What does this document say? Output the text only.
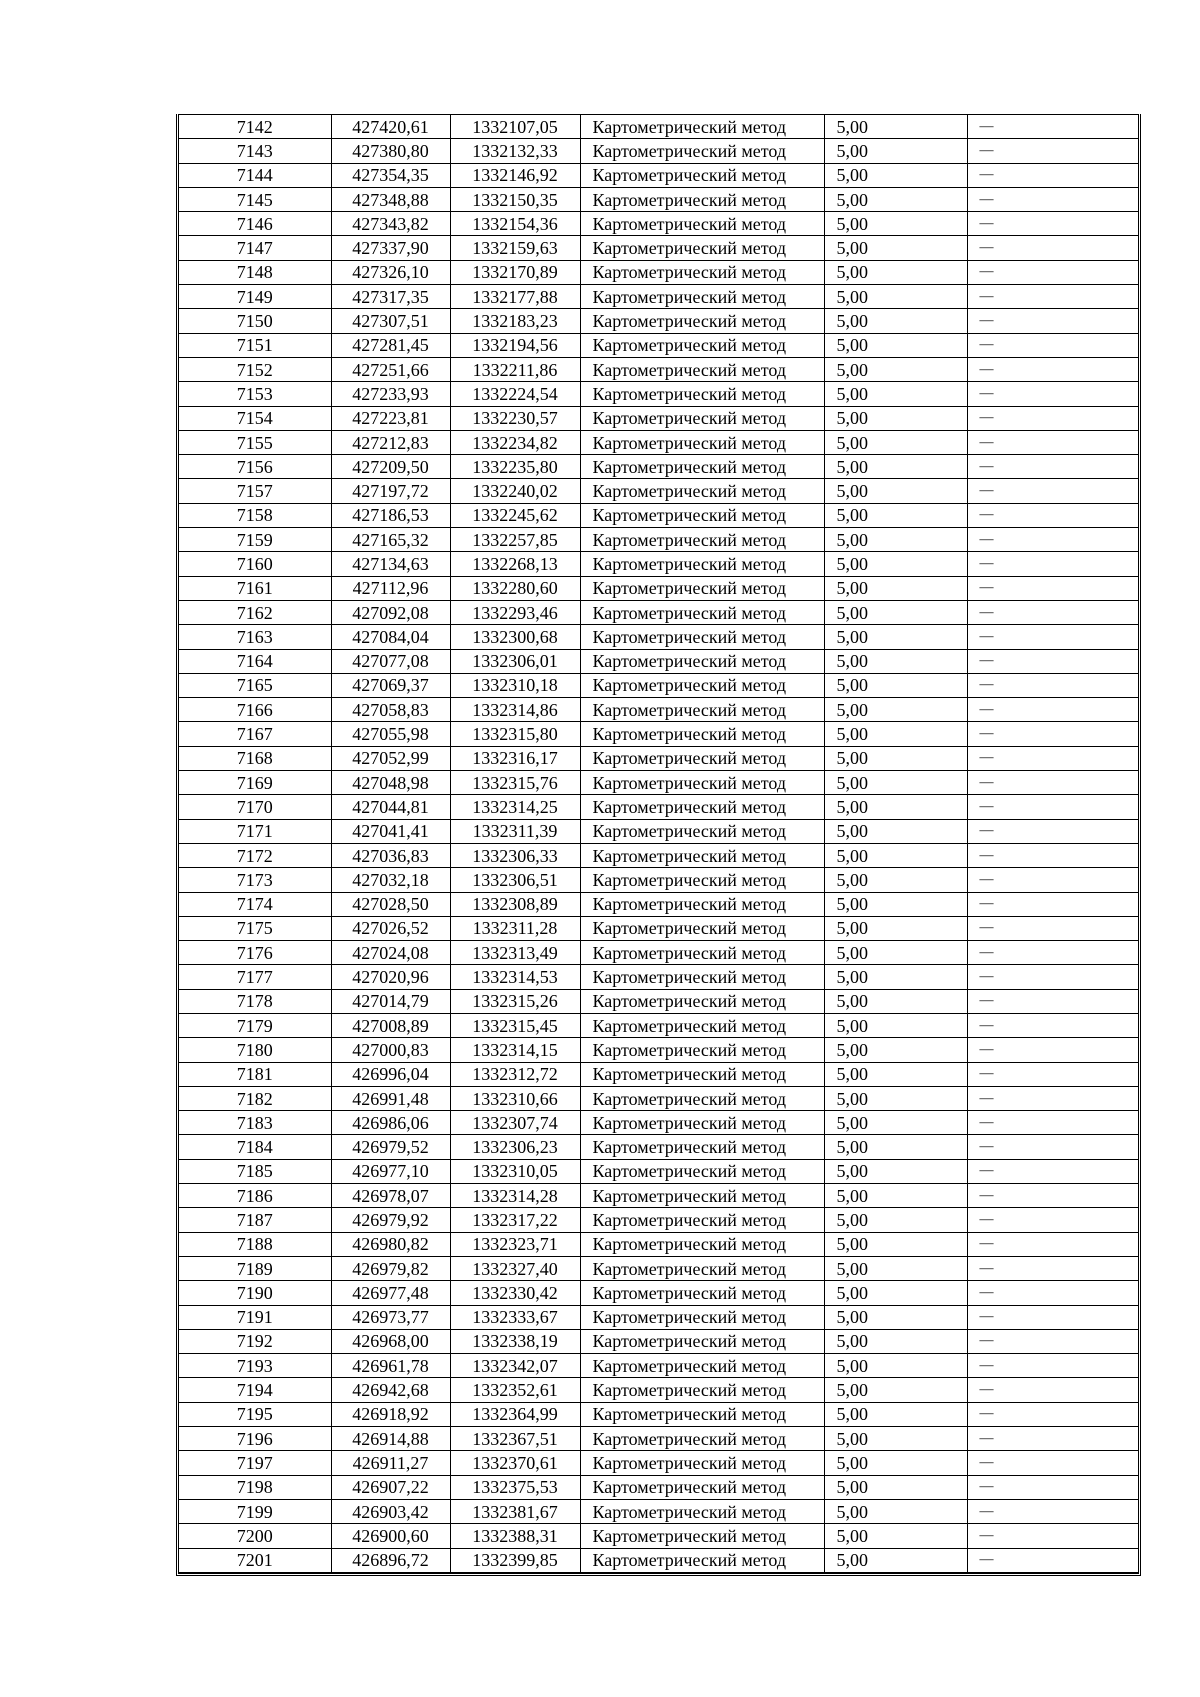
7142	427420,61	1332107,05	Картометрический метод	5,00	—
7143	427380,80	1332132,33	Картометрический метод	5,00	—
7144	427354,35	1332146,92	Картометрический метод	5,00	—
7145	427348,88	1332150,35	Картометрический метод	5,00	—
7146	427343,82	1332154,36	Картометрический метод	5,00	—
7147	427337,90	1332159,63	Картометрический метод	5,00	—
7148	427326,10	1332170,89	Картометрический метод	5,00	—
7149	427317,35	1332177,88	Картометрический метод	5,00	—
7150	427307,51	1332183,23	Картометрический метод	5,00	—
7151	427281,45	1332194,56	Картометрический метод	5,00	—
7152	427251,66	1332211,86	Картометрический метод	5,00	—
7153	427233,93	1332224,54	Картометрический метод	5,00	—
7154	427223,81	1332230,57	Картометрический метод	5,00	—
7155	427212,83	1332234,82	Картометрический метод	5,00	—
7156	427209,50	1332235,80	Картометрический метод	5,00	—
7157	427197,72	1332240,02	Картометрический метод	5,00	—
7158	427186,53	1332245,62	Картометрический метод	5,00	—
7159	427165,32	1332257,85	Картометрический метод	5,00	—
7160	427134,63	1332268,13	Картометрический метод	5,00	—
7161	427112,96	1332280,60	Картометрический метод	5,00	—
7162	427092,08	1332293,46	Картометрический метод	5,00	—
7163	427084,04	1332300,68	Картометрический метод	5,00	—
7164	427077,08	1332306,01	Картометрический метод	5,00	—
7165	427069,37	1332310,18	Картометрический метод	5,00	—
7166	427058,83	1332314,86	Картометрический метод	5,00	—
7167	427055,98	1332315,80	Картометрический метод	5,00	—
7168	427052,99	1332316,17	Картометрический метод	5,00	—
7169	427048,98	1332315,76	Картометрический метод	5,00	—
7170	427044,81	1332314,25	Картометрический метод	5,00	—
7171	427041,41	1332311,39	Картометрический метод	5,00	—
7172	427036,83	1332306,33	Картометрический метод	5,00	—
7173	427032,18	1332306,51	Картометрический метод	5,00	—
7174	427028,50	1332308,89	Картометрический метод	5,00	—
7175	427026,52	1332311,28	Картометрический метод	5,00	—
7176	427024,08	1332313,49	Картометрический метод	5,00	—
7177	427020,96	1332314,53	Картометрический метод	5,00	—
7178	427014,79	1332315,26	Картометрический метод	5,00	—
7179	427008,89	1332315,45	Картометрический метод	5,00	—
7180	427000,83	1332314,15	Картометрический метод	5,00	—
7181	426996,04	1332312,72	Картометрический метод	5,00	—
7182	426991,48	1332310,66	Картометрический метод	5,00	—
7183	426986,06	1332307,74	Картометрический метод	5,00	—
7184	426979,52	1332306,23	Картометрический метод	5,00	—
7185	426977,10	1332310,05	Картометрический метод	5,00	—
7186	426978,07	1332314,28	Картометрический метод	5,00	—
7187	426979,92	1332317,22	Картометрический метод	5,00	—
7188	426980,82	1332323,71	Картометрический метод	5,00	—
7189	426979,82	1332327,40	Картометрический метод	5,00	—
7190	426977,48	1332330,42	Картометрический метод	5,00	—
7191	426973,77	1332333,67	Картометрический метод	5,00	—
7192	426968,00	1332338,19	Картометрический метод	5,00	—
7193	426961,78	1332342,07	Картометрический метод	5,00	—
7194	426942,68	1332352,61	Картометрический метод	5,00	—
7195	426918,92	1332364,99	Картометрический метод	5,00	—
7196	426914,88	1332367,51	Картометрический метод	5,00	—
7197	426911,27	1332370,61	Картометрический метод	5,00	—
7198	426907,22	1332375,53	Картометрический метод	5,00	—
7199	426903,42	1332381,67	Картометрический метод	5,00	—
7200	426900,60	1332388,31	Картометрический метод	5,00	—
7201	426896,72	1332399,85	Картометрический метод	5,00	—
